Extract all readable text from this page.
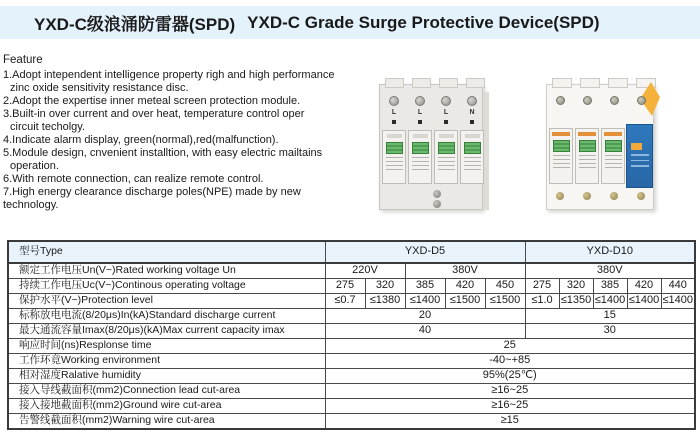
YXD-C级浪涌防雷器(SPD) YXD-C Grade Surge Protective Device(SPD)
Feature
1.Adopt intependent intelligence property righ and high performance
zinc oxide sensitivity resistance disc.
2.Adopt the expertise inner meteal screen protection module.
3.Built-in over current and over heat, temperature control oper
circuit techolgy.
4.Indicate alarm display, green(normal),red(malfunction).
5.Module design, cnvenient installtion, with easy electric mailtains
operation.
6.With remote connection, can realize remote control.
7.High energy clearance discharge poles(NPE) made by new
technology.
L	L	L	N
型号Type	YXD-D5					YXD-D10				
额定工作电压Un(V~)Rated working voltage Un	220V		380V			380V				
持续工作电压Uc(V~)Continous operating voltage	275	320	385	420	450	275	320	385	420	440
保护水平(V~)Protection level	≤0.7	≤1380	≤1400	≤1500	≤1500	≤1.0	≤1350	≤1400	≤1400	≤1400
标称放电电流(8/20μs)In(kA)Standard discharge current	20					15				
最大通流容量Imax(8/20μs)(kA)Max current capacity imax	40					30				
响应时间(ns)Resplonse time	25									
工作环竟Working environment	-40~+85									
相对湿度Ralative humidity	95%(25℃)									
接入导线截面积(mm2)Connection lead cut-area	≥16~25									
接入接地截面积(mm2)Ground wire cut-area	≥16~25									
告警线截面积(mm2)Warning wire cut-area	≥15									
